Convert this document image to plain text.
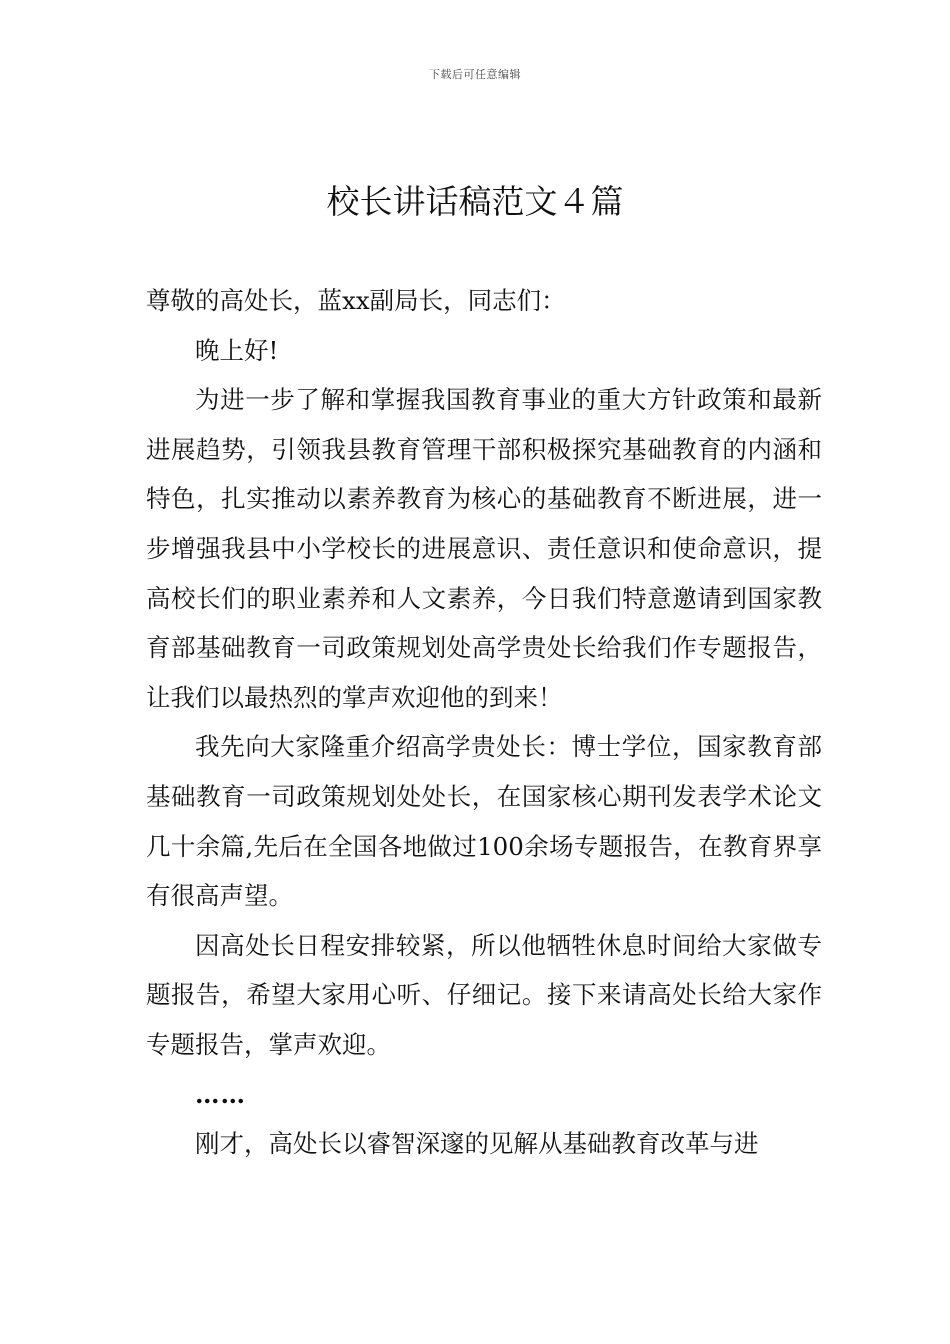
下载后可任意编辑
校长讲话稿范文４篇

尊敬的高处长，蓝xx副局长，同志们：

晚上好!

为进一步了解和掌握我国教育事业的重大方针政策和最新进展趋势，引领我县教育管理干部积极探究基础教育的内涵和特色，扎实推动以素养教育为核心的基础教育不断进展，进一步增强我县中小学校长的进展意识、责任意识和使命意识，提高校长们的职业素养和人文素养，今日我们特意邀请到国家教育部基础教育一司政策规划处高学贵处长给我们作专题报告，让我们以最热烈的掌声欢迎他的到来！

我先向大家隆重介绍高学贵处长：博士学位，国家教育部基础教育一司政策规划处处长，在国家核心期刊发表学术论文几十余篇,先后在全国各地做过100余场专题报告，在教育界享有很高声望。

因高处长日程安排较紧，所以他牺牲休息时间给大家做专题报告，希望大家用心听、仔细记。接下来请高处长给大家作专题报告，掌声欢迎。

……

刚才，高处长以睿智深邃的见解从基础教育改革与进
